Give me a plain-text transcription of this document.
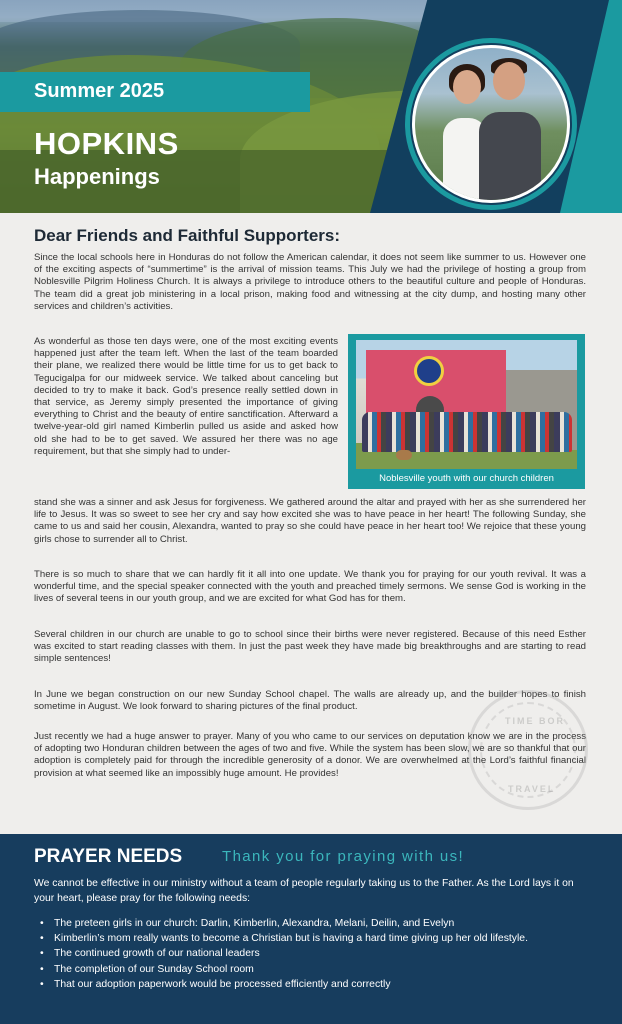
Summer 2025
HOPKINS
Happenings
Dear Friends and Faithful Supporters:

Since the local schools here in Honduras do not follow the American calendar, it does not seem like summer to us. However one of the exciting aspects of “summertime” is the arrival of mission teams. This July we had the privilege of hosting a group from Noblesville Pilgrim Holiness Church. It is always a privilege to introduce others to the beautiful culture and people of Honduras. The team did a great job ministering in a local prison, making food and witnessing at the city dump, and hosting many other services and children’s activities.

As wonderful as those ten days were, one of the most exciting events happened just after the team left. When the last of the team boarded their plane, we realized there would be little time for us to get back to Tegucigalpa for our midweek service. We talked about canceling but decided to try to make it back. God’s presence really settled down in that service, as Jeremy simply presented the importance of giving everything to Christ and the beauty of entire sanctification. Afterward a twelve-year-old girl named Kimberlin pulled us aside and asked how old she had to be to get saved. We assured her there was no age requirement, but that she simply had to under-

Noblesville youth with our church children

stand she was a sinner and ask Jesus for forgiveness. We gathered around the altar and prayed with her as she surrendered her life to Jesus. It was so sweet to see her cry and say how excited she was to have peace in her heart! The following Sunday, she came to us and said her cousin, Alexandra, wanted to pray so she could have peace in her heart too! We rejoice that these young girls chose to surrender all to Christ.

There is so much to share that we can hardly fit it all into one update. We thank you for praying for our youth revival. It was a wonderful time, and the special speaker connected with the youth and preached timely sermons. We sense God is working in the lives of several teens in our youth group, and we are excited for what God has for them.

Several children in our church are unable to go to school since their births were never registered. Because of this need Esther was excited to start reading classes with them. In just the past week they have made big breakthroughs and are starting to read simple sentences!

In June we began construction on our new Sunday School chapel. The walls are already up, and the builder hopes to finish sometime in August. We look forward to sharing pictures of the final product.

Just recently we had a huge answer to prayer. Many of you who came to our services on deputation know we are in the process of adopting two Honduran children between the ages of two and five. While the system has been slow, we are so thankful that our adoption is completely paid for through the incredible generosity of a donor. We are overwhelmed at the Lord’s faithful financial provision at what seemed like an impossibly huge amount. He provides!

TIME BOR
TRAVEL
PRAYER NEEDS	Thank you for praying with us!

We cannot be effective in our ministry without a team of people regularly taking us to the Father. As the Lord lays it on your heart, please pray for the following needs:

• The preteen girls in our church: Darlin, Kimberlin, Alexandra, Melani, Deilin, and Evelyn
• Kimberlin’s mom really wants to become a Christian but is having a hard time giving up her old lifestyle.
• The continued growth of our national leaders
• The completion of our Sunday School room
• That our adoption paperwork would be processed efficiently and correctly
